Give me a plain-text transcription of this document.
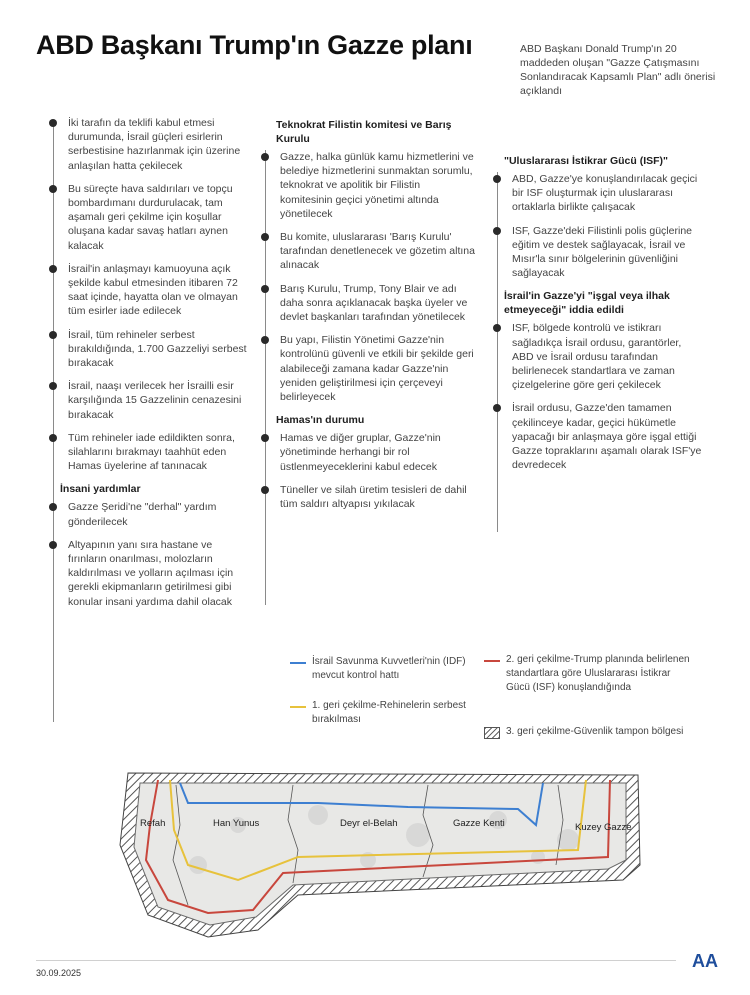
ABD Başkanı Trump'ın Gazze planı	ABD Başkanı Donald Trump'ın 20 maddeden oluşan "Gazze Çatışmasını Sonlandıracak Kapsamlı Plan" adlı önerisi açıklandı
İki tarafın da teklifi kabul etmesi durumunda, İsrail güçleri esirlerin serbestisine hazırlanmak için üzerine anlaşılan hatta çekilecek
Bu süreçte hava saldırıları ve topçu bombardımanı durdurulacak, tam aşamalı geri çekilme için koşullar oluşana kadar savaş hatları aynen kalacak
İsrail'in anlaşmayı kamuoyuna açık şekilde kabul etmesinden itibaren 72 saat içinde, hayatta olan ve olmayan tüm esirler iade edilecek
İsrail, tüm rehineler serbest bırakıldığında, 1.700 Gazzeliyi serbest bırakacak
İsrail, naaşı verilecek her İsrailli esir karşılığında 15 Gazzelinin cenazesini bırakacak
Tüm rehineler iade edildikten sonra, silahlarını bırakmayı taahhüt eden Hamas üyelerine af tanınacak
İnsani yardımlar
Gazze Şeridi'ne "derhal" yardım gönderilecek
Altyapının yanı sıra hastane ve fırınların onarılması, molozların kaldırılması ve yolların açılması için gerekli ekipmanların getirilmesi gibi konular insani yardıma dahil olacak
Teknokrat Filistin komitesi ve Barış Kurulu
Gazze, halka günlük kamu hizmetlerini ve belediye hizmetlerini sunmaktan sorumlu, teknokrat ve apolitik bir Filistin komitesinin geçici yönetimi altında yönetilecek
Bu komite, uluslararası 'Barış Kurulu' tarafından denetlenecek ve gözetim altına alınacak
Barış Kurulu, Trump, Tony Blair ve adı daha sonra açıklanacak başka üyeler ve devlet başkanları tarafından yönetilecek
Bu yapı, Filistin Yönetimi Gazze'nin kontrolünü güvenli ve etkili bir şekilde geri alabileceği zamana kadar Gazze'nin yeniden geliştirilmesi için çerçeveyi belirleyecek
Hamas'ın durumu
Hamas ve diğer gruplar, Gazze'nin yönetiminde herhangi bir rol üstlenmeyeceklerini kabul edecek
Tüneller ve silah üretim tesisleri de dahil tüm saldırı altyapısı yıkılacak
"Uluslararası İstikrar Gücü (ISF)"
ABD, Gazze'ye konuşlandırılacak geçici bir ISF oluşturmak için uluslararası ortaklarla birlikte çalışacak
ISF, Gazze'deki Filistinli polis güçlerine eğitim ve destek sağlayacak, İsrail ve Mısır'la sınır bölgelerinin güvenliğini sağlayacak
İsrail'in Gazze'yi "işgal veya ilhak etmeyeceği" iddia edildi
ISF, bölgede kontrolü ve istikrarı sağladıkça İsrail ordusu, garantörler, ABD ve İsrail ordusu tarafından belirlenecek standartlara ve zaman çizelgelerine göre geri çekilecek
İsrail ordusu, Gazze'den tamamen çekilinceye kadar, geçici hükümetle yapacağı bir anlaşmaya göre işgal ettiği Gazze topraklarını aşamalı olarak ISF'ye devredecek
İsrail Savunma Kuvvetleri'nin (IDF) mevcut kontrol hattı
1. geri çekilme-Rehinelerin serbest bırakılması
2. geri çekilme-Trump planında belirlenen standartlara göre Uluslararası İstikrar Gücü (ISF) konuşlandığında
3. geri çekilme-Güvenlik tampon bölgesi
Refah	Han Yunus	Deyr el-Belah	Gazze Kenti	Kuzey Gazze
30.09.2025
AA
